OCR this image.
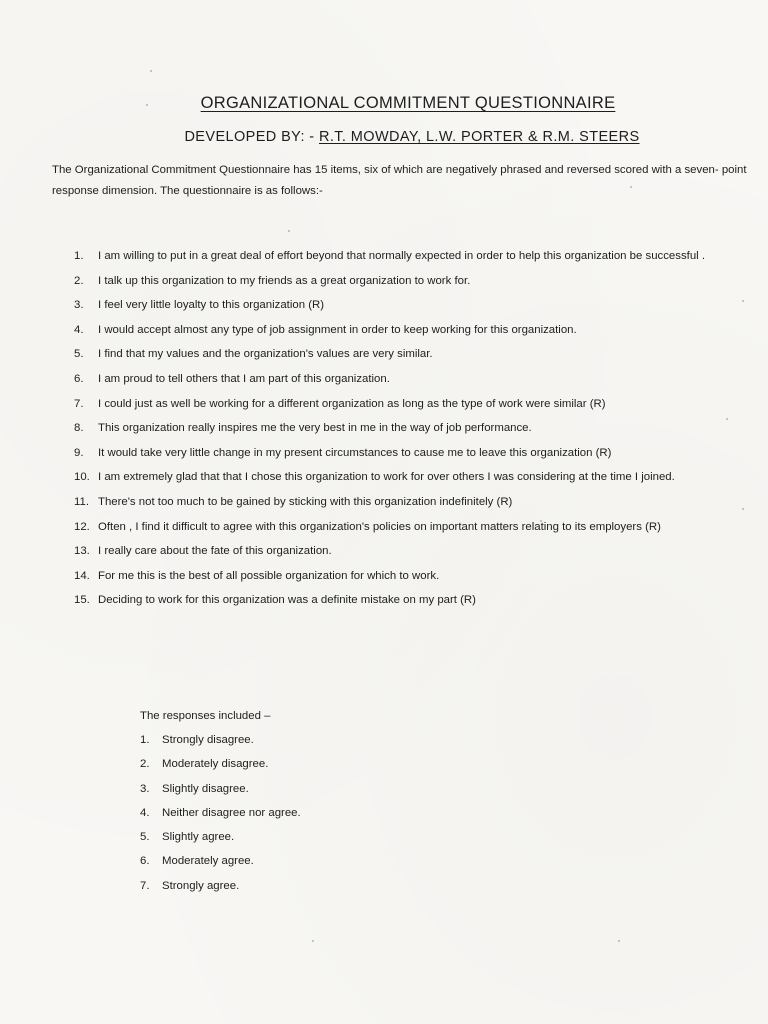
ORGANIZATIONAL COMMITMENT QUESTIONNAIRE
DEVELOPED BY: - R.T. MOWDAY, L.W. PORTER & R.M. STEERS
The Organizational Commitment Questionnaire has 15 items, six of which are negatively phrased and reversed scored with a seven- point response dimension. The questionnaire is as follows:-
1.	I am willing to put in a great deal of effort beyond that normally expected in order to help this organization be successful .
2.	I talk up this organization to my friends as a great organization to work for.
3.	I feel very little loyalty to this organization (R)
4.	I would accept almost any type of job assignment in order to keep working for this organization.
5.	I find that my values and the organization's values are very similar.
6.	I am proud to tell others that I am part of this organization.
7.	I could just as well be working for a different organization as long as the type of work were similar (R)
8.	This organization really inspires me the very best in me in the way of job performance.
9.	It would take very little change in my present circumstances to cause me to leave this organization (R)
10. I am extremely glad that that I chose this organization to work for over others I was considering at the time I joined.
11. There's not too much to be gained by sticking with this organization indefinitely (R)
12. Often , I find it difficult to agree with this organization's policies on important matters relating to its employers (R)
13. I really care about the fate of this organization.
14. For me this is the best of all possible organization for which to work.
15. Deciding to work for this organization was a definite mistake on my part (R)
The responses included –
1.	Strongly disagree.
2.	Moderately disagree.
3.	Slightly disagree.
4.	Neither disagree nor agree.
5.	Slightly agree.
6.	Moderately agree.
7.	Strongly agree.
